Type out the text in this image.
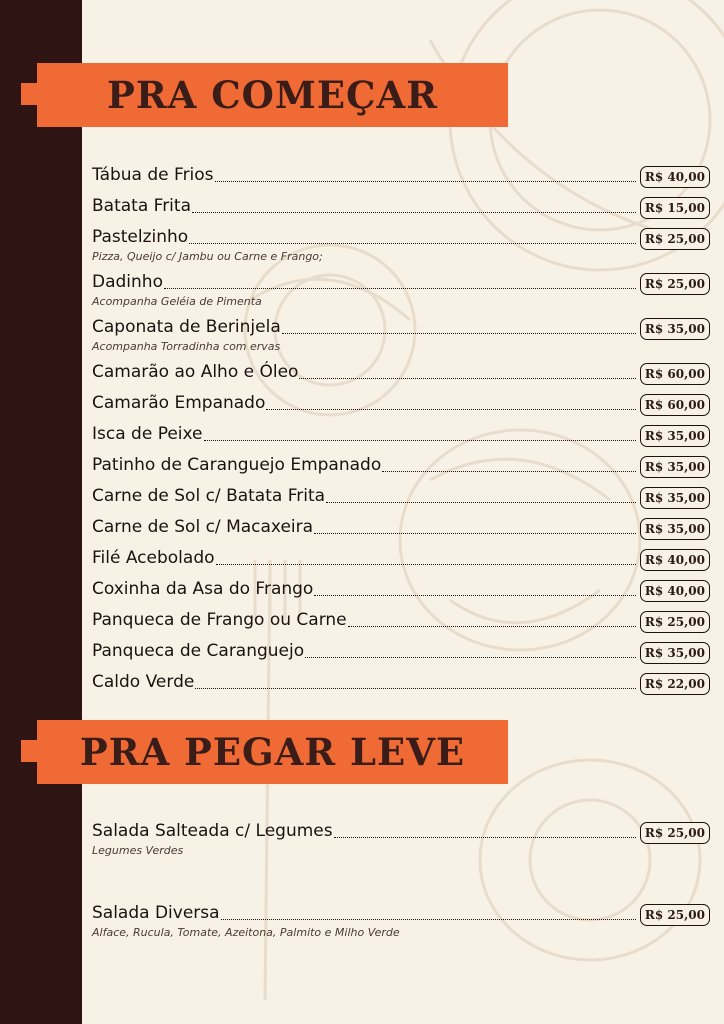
PRA COMEÇAR
Tábua de Frios	R$ 40,00
Batata Frita	R$ 15,00
Pastelzinho	R$ 25,00
Pizza, Queijo c/ Jambu ou Carne e Frango;
Dadinho	R$ 25,00
Acompanha Geléia de Pimenta
Caponata de Berinjela	R$ 35,00
Acompanha Torradinha com ervas
Camarão ao Alho e Óleo	R$ 60,00
Camarão Empanado	R$ 60,00
Isca de Peixe	R$ 35,00
Patinho de Caranguejo Empanado	R$ 35,00
Carne de Sol c/ Batata Frita	R$ 35,00
Carne de Sol c/ Macaxeira	R$ 35,00
Filé Acebolado	R$ 40,00
Coxinha da Asa do Frango	R$ 40,00
Panqueca de Frango ou Carne	R$ 25,00
Panqueca de Caranguejo	R$ 35,00
Caldo Verde	R$ 22,00
PRA PEGAR LEVE
Salada Salteada c/ Legumes	R$ 25,00
Legumes Verdes
Salada Diversa	R$ 25,00
Alface, Rucula, Tomate, Azeitona, Palmito e Milho Verde
